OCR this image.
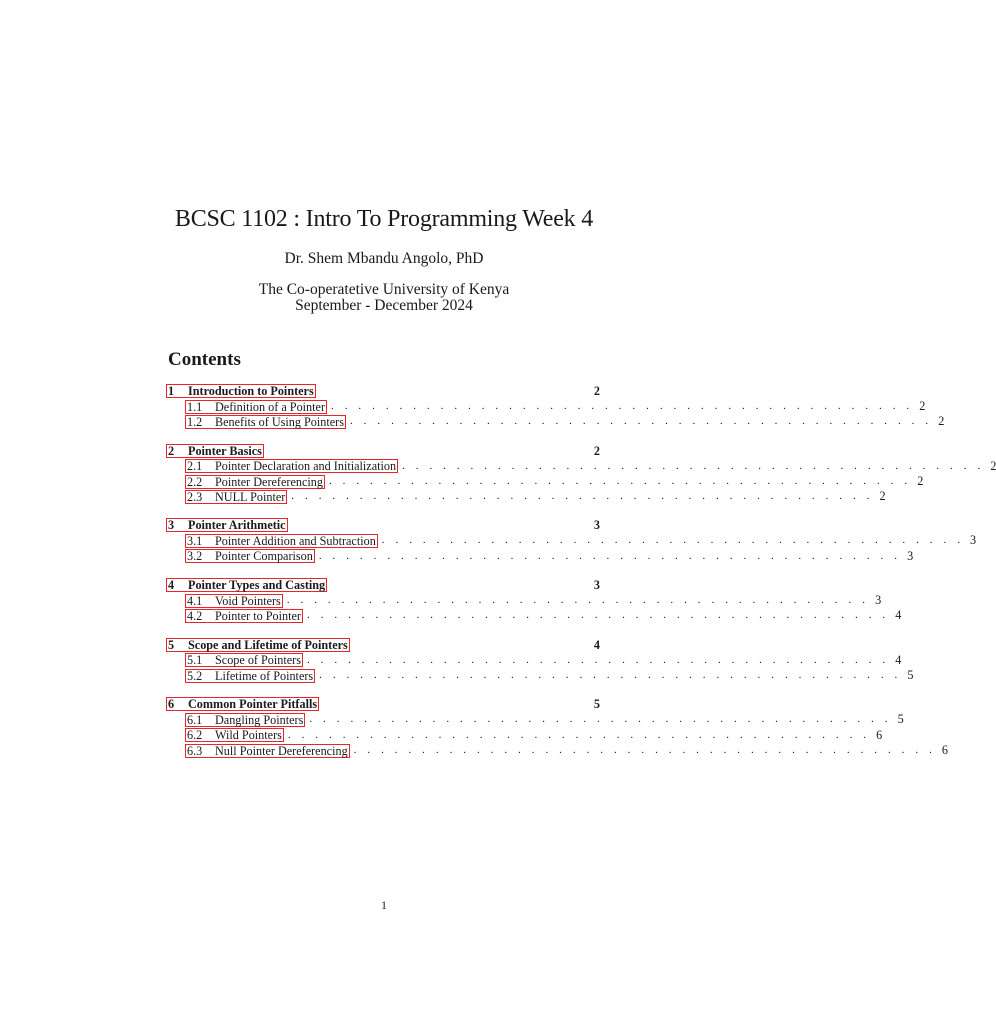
BCSC 1102 : Intro To Programming Week 4
Dr. Shem Mbandu Angolo, PhD
The Co-operatetive University of Kenya
September - December 2024
Contents
1	Introduction to Pointers	2
1.1	Definition of a Pointer . . . . . . . . . . . . . . . . . . . . . . . . . . . . . . . . . . . . . . . . . . . 2
1.2	Benefits of Using Pointers . . . . . . . . . . . . . . . . . . . . . . . . . . . . . . . . . . . . . . . . . . . 2
2	Pointer Basics	2
2.1	Pointer Declaration and Initialization . . . . . . . . . . . . . . . . . . . . . . . . . . . . . . . . . . . . . . . . . . . 2
2.2	Pointer Dereferencing . . . . . . . . . . . . . . . . . . . . . . . . . . . . . . . . . . . . . . . . . . . 2
2.3	NULL Pointer . . . . . . . . . . . . . . . . . . . . . . . . . . . . . . . . . . . . . . . . . . . 2
3	Pointer Arithmetic	3
3.1	Pointer Addition and Subtraction . . . . . . . . . . . . . . . . . . . . . . . . . . . . . . . . . . . . . . . . . . . 3
3.2	Pointer Comparison . . . . . . . . . . . . . . . . . . . . . . . . . . . . . . . . . . . . . . . . . . . 3
4	Pointer Types and Casting	3
4.1	Void Pointers . . . . . . . . . . . . . . . . . . . . . . . . . . . . . . . . . . . . . . . . . . . 3
4.2	Pointer to Pointer . . . . . . . . . . . . . . . . . . . . . . . . . . . . . . . . . . . . . . . . . . . 4
5	Scope and Lifetime of Pointers	4
5.1	Scope of Pointers . . . . . . . . . . . . . . . . . . . . . . . . . . . . . . . . . . . . . . . . . . . 4
5.2	Lifetime of Pointers . . . . . . . . . . . . . . . . . . . . . . . . . . . . . . . . . . . . . . . . . . . 5
6	Common Pointer Pitfalls	5
6.1	Dangling Pointers . . . . . . . . . . . . . . . . . . . . . . . . . . . . . . . . . . . . . . . . . . . 5
6.2	Wild Pointers . . . . . . . . . . . . . . . . . . . . . . . . . . . . . . . . . . . . . . . . . . . 6
6.3	Null Pointer Dereferencing . . . . . . . . . . . . . . . . . . . . . . . . . . . . . . . . . . . . . . . . . . . 6
1
